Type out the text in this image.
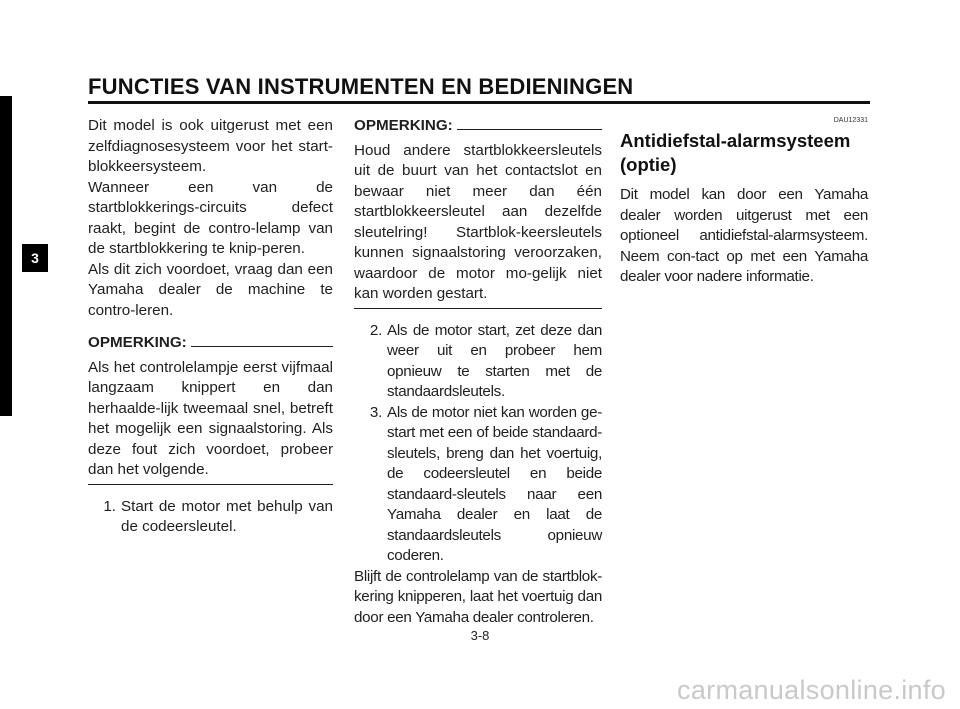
FUNCTIES VAN INSTRUMENTEN EN BEDIENINGEN
3

Dit model is ook uitgerust met een zelfdiagnosesysteem voor het start-blokkeersysteem.

Wanneer een van de startblokkerings-circuits defect raakt, begint de contro-lelamp van de startblokkering te knip-peren.

Als dit zich voordoet, vraag dan een Yamaha dealer de machine te contro-leren.

OPMERKING:

Als het controlelampje eerst vijfmaal langzaam knippert en dan herhaalde-lijk tweemaal snel, betreft het mogelijk een signaalstoring. Als deze fout zich voordoet, probeer dan het volgende.

1. Start de motor met behulp van de codeersleutel.
OPMERKING:

Houd andere startblokkeersleutels uit de buurt van het contactslot en bewaar niet meer dan één startblokkeersleutel aan dezelfde sleutelring! Startblok-keersleutels kunnen signaalstoring veroorzaken, waardoor de motor mo-gelijk niet kan worden gestart.

2. Als de motor start, zet deze dan weer uit en probeer hem opnieuw te starten met de standaardsleutels.
3. Als de motor niet kan worden ge-start met een of beide standaard-sleutels, breng dan het voertuig, de codeersleutel en beide standaard-sleutels naar een Yamaha dealer en laat de standaardsleutels opnieuw coderen.

Blijft de controlelamp van de startblok-kering knipperen, laat het voertuig dan door een Yamaha dealer controleren.

DAU12331
Antidiefstal-alarmsysteem (optie)

Dit model kan door een Yamaha dealer worden uitgerust met een optioneel antidiefstal-alarmsysteem. Neem con-tact op met een Yamaha dealer voor nadere informatie.

3-8
carmanualsonline.info
